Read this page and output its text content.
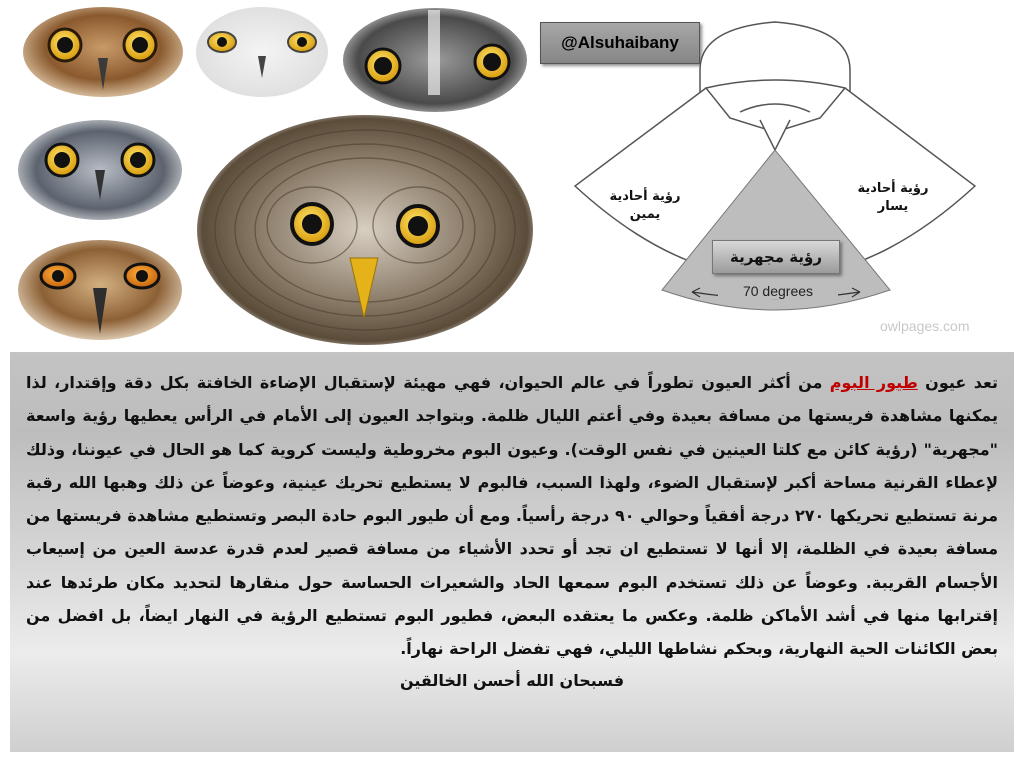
@Alsuhaibany
رؤية أحادية
يمين
رؤية أحادية
يسار
رؤية مجهرية
70 degrees
owlpages.com

تعد عيون طيور البوم من أكثر العيون تطوراً في عالم الحيوان، فهي مهيئة لإستقبال الإضاءة الخافتة بكل دقة وإقتدار، لذا يمكنها مشاهدة فريستها من مسافة بعيدة وفي أعتم الليال ظلمة. وبتواجد العيون إلى الأمام في الرأس يعطيها رؤية واسعة "مجهرية" (رؤية كائن مع كلتا العينين في نفس الوقت). وعيون البوم مخروطية وليست كروية كما هو الحال في عيوننا، وذلك لإعطاء القرنية مساحة أكبر لإستقبال الضوء، ولهذا السبب، فالبوم لا يستطيع تحريك عينية، وعوضاً عن ذلك وهبها الله رقبة مرنة تستطيع تحريكها ٢٧٠ درجة أفقياً وحوالي ٩٠ درجة رأسياً. ومع أن طيور البوم حادة البصر وتستطيع مشاهدة فريستها من مسافة بعيدة في الظلمة، إلا أنها لا تستطيع ان تجد أو تحدد الأشياء من مسافة قصير لعدم قدرة عدسة العين من إسيعاب الأجسام القريبة. وعوضاً عن ذلك تستخدم البوم سمعها الحاد والشعيرات الحساسة حول منقارها لتحديد مكان طرئدها عند إقترابها منها في أشد الأماكن ظلمة. وعكس ما يعتقده البعض، فطيور البوم تستطيع الرؤية في النهار ايضاً، بل افضل من بعض الكائنات الحية النهارية، وبحكم نشاطها الليلي، فهي تفضل الراحة نهاراً.

فسبحان الله أحسن الخالقين
